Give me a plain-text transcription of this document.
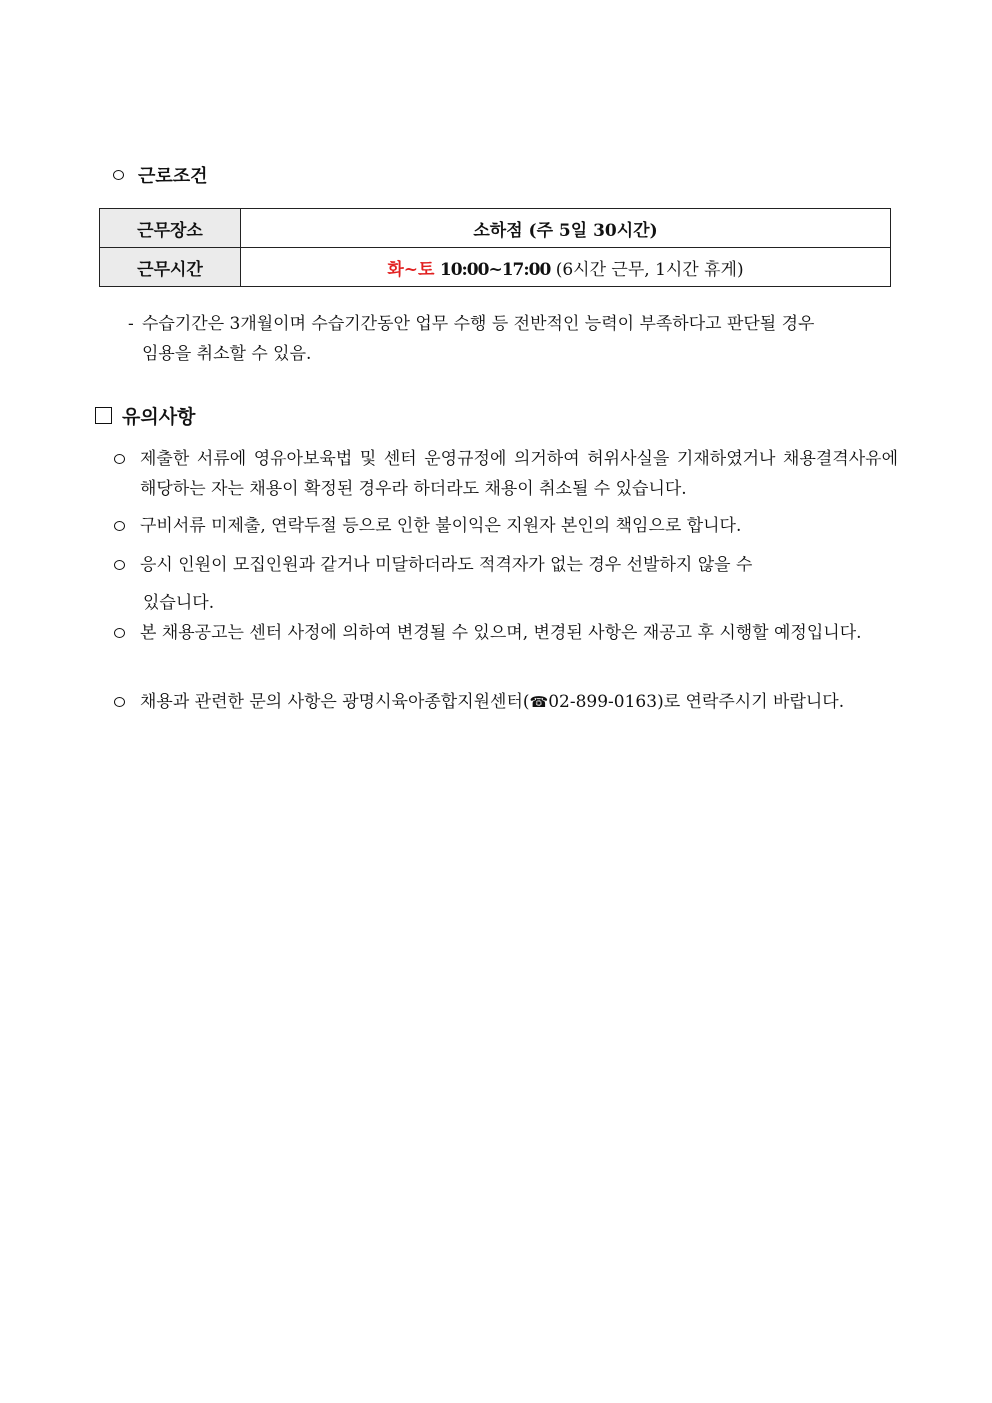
근로조건
근무장소	소하점 (주 5일 30시간)
근무시간	화~토 10:00~17:00 (6시간 근무, 1시간 휴게)
- 수습기간은 3개월이며 수습기간동안 업무 수행 등 전반적인 능력이 부족하다고 판단될 경우
임용을 취소할 수 있음.
유의사항
제출한 서류에 영유아보육법 및 센터 운영규정에 의거하여 허위사실을 기재하였거나 채용결격사유에 해당하는 자는 채용이 확정된 경우라 하더라도 채용이 취소될 수 있습니다.
구비서류 미제출, 연락두절 등으로 인한 불이익은 지원자 본인의 책임으로 합니다.
응시 인원이 모집인원과 같거나 미달하더라도 적격자가 없는 경우 선발하지 않을 수
있습니다.
본 채용공고는 센터 사정에 의하여 변경될 수 있으며, 변경된 사항은 재공고 후 시행할 예정입니다.
채용과 관련한 문의 사항은 광명시육아종합지원센터(☎02-899-0163)로 연락주시기 바랍니다.
